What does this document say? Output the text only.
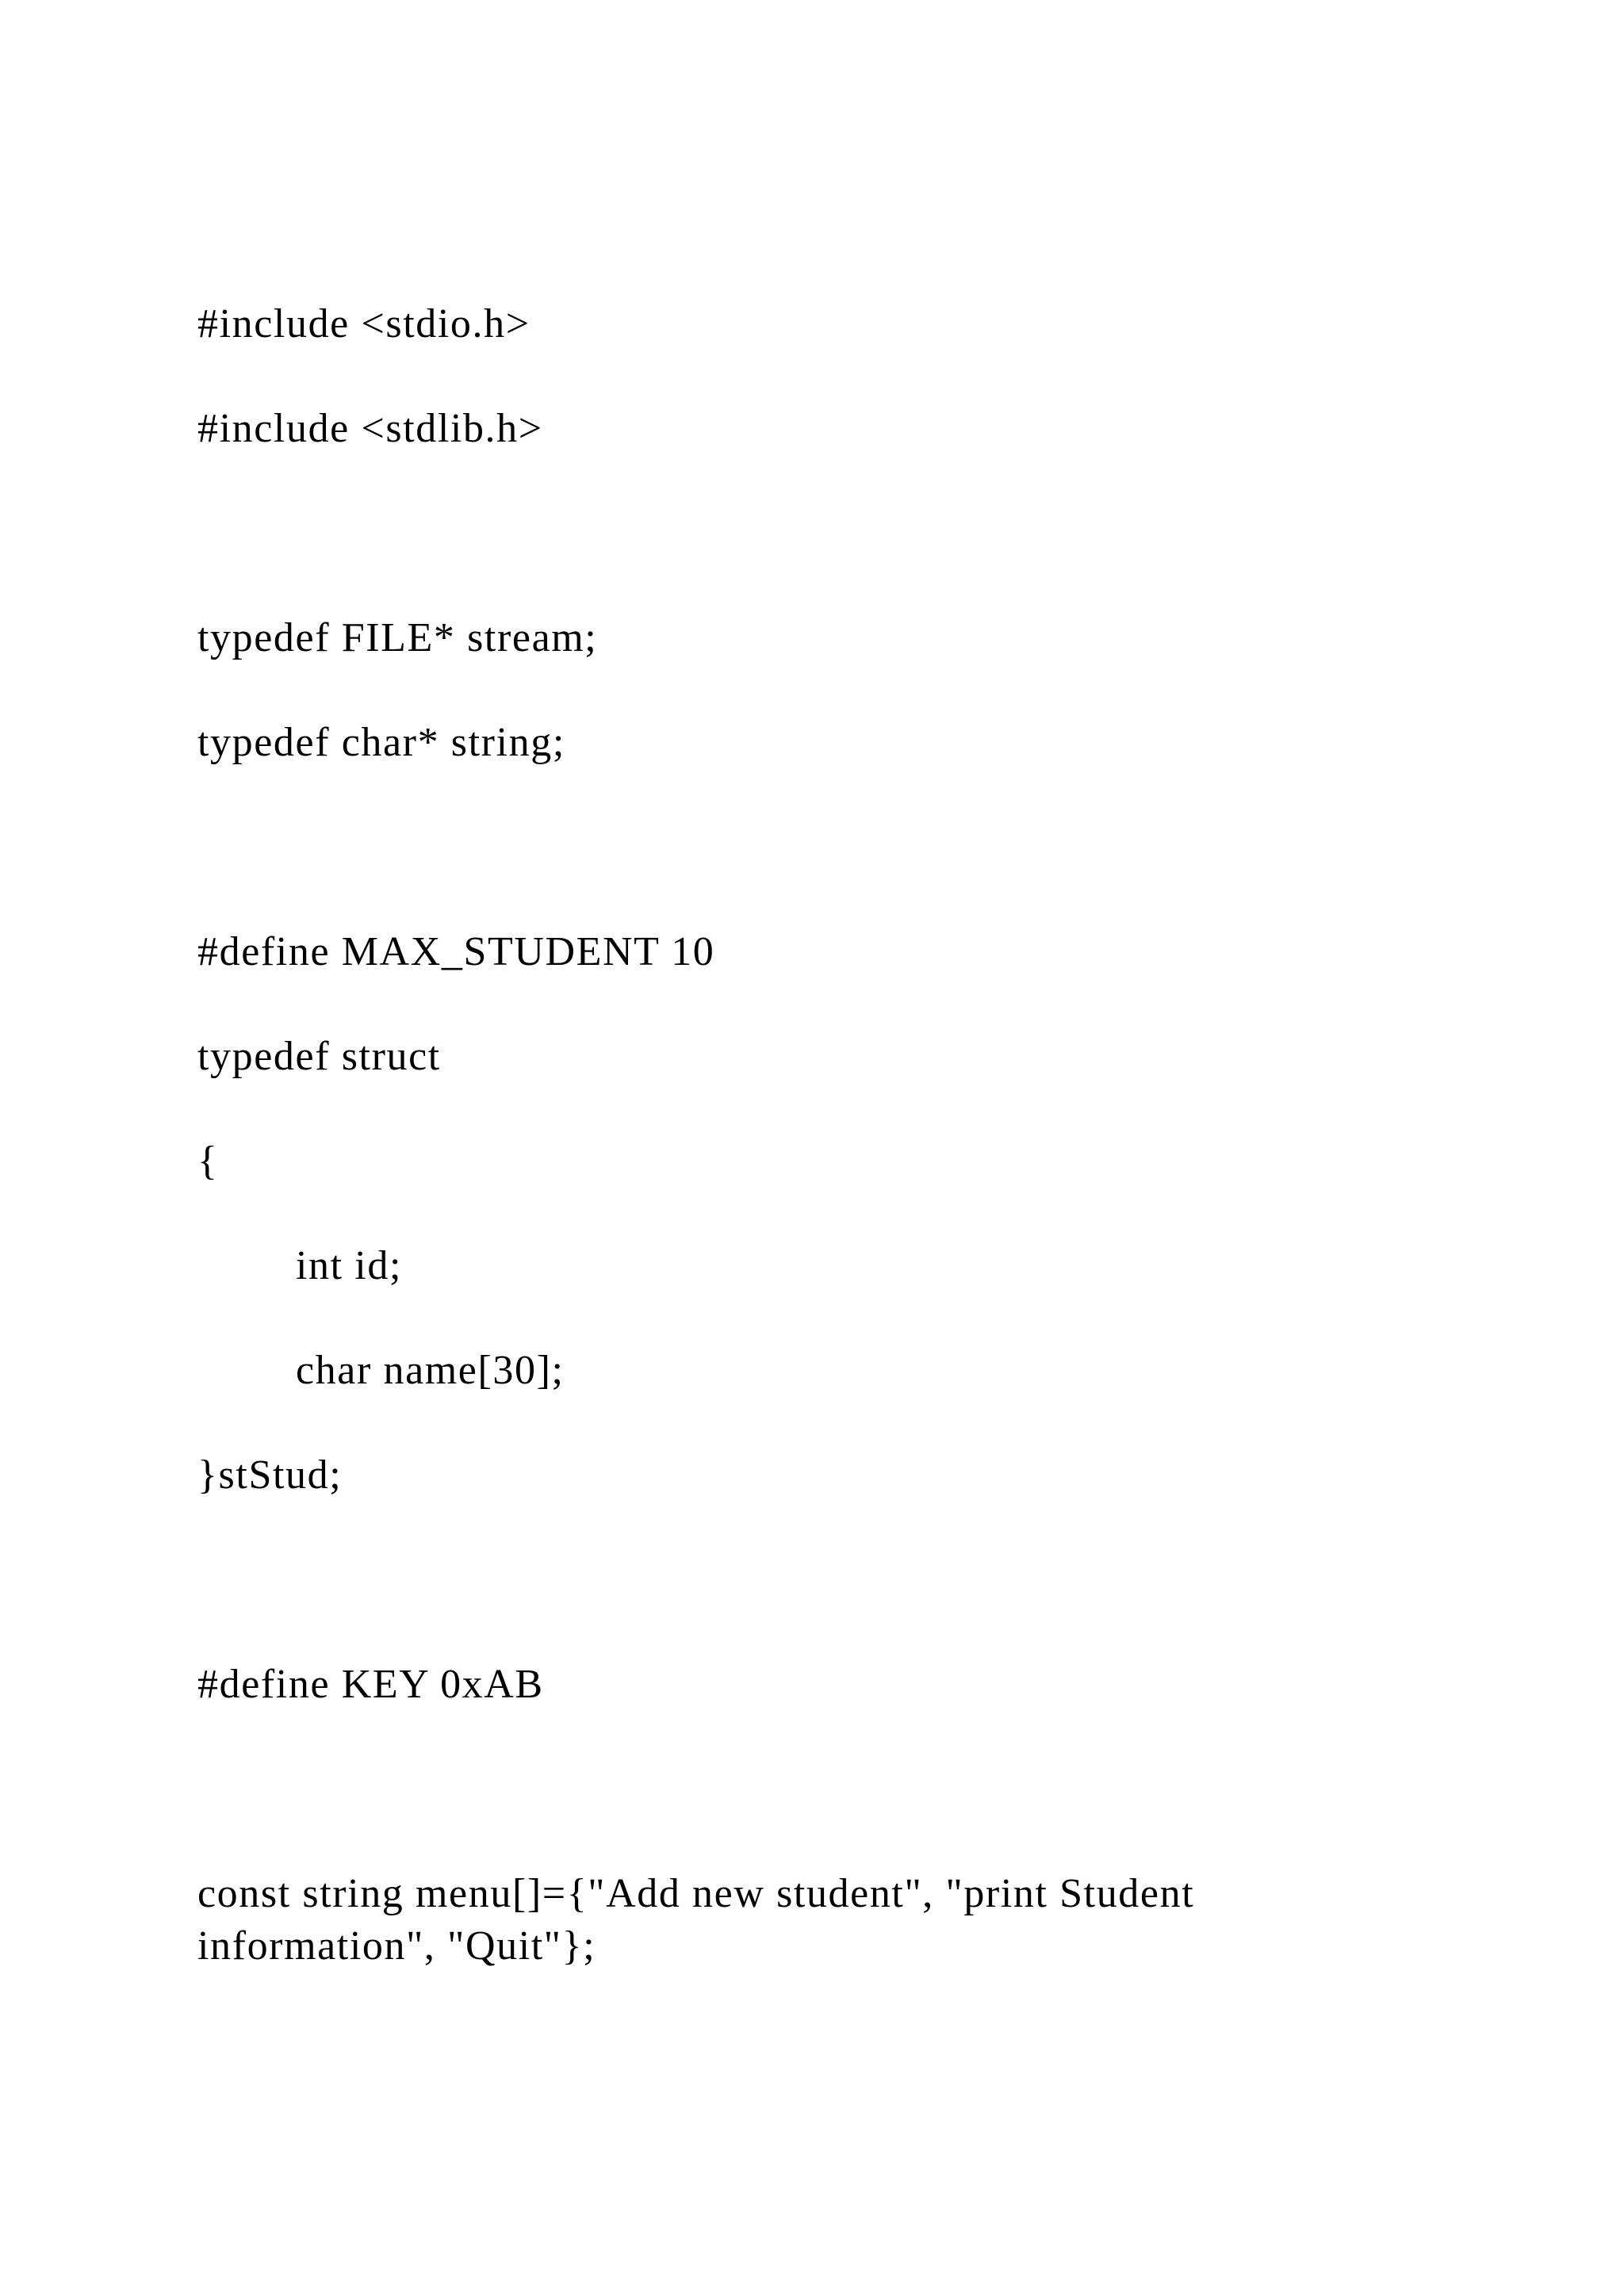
#include <stdio.h>

#include <stdlib.h>

typedef FILE* stream;

typedef char* string;

#define MAX_STUDENT 10

typedef struct

{

int id;

char name[30];

}stStud;

#define KEY 0xAB

const string menu[]={"Add new student", "print Student

information", "Quit"};
